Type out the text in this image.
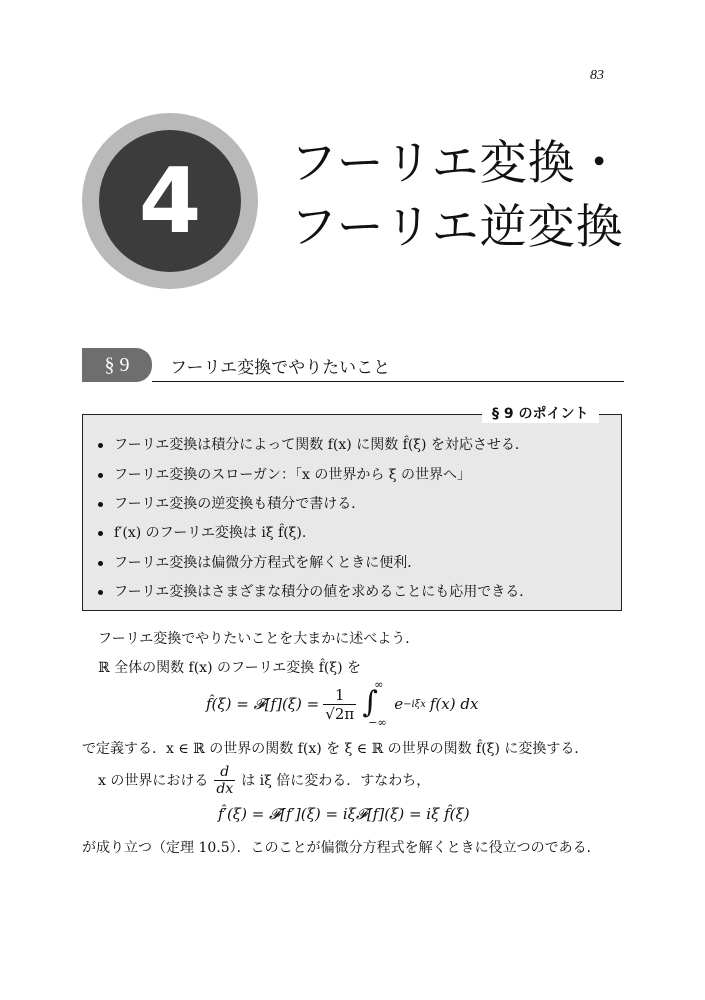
83
4	フーリエ変換・
フーリエ逆変換
§ 9	フーリエ変換でやりたいこと
§ 9 のポイント
フーリエ変換は積分によって関数 f(x) に関数 f̂(ξ) を対応させる．
フーリエ変換のスローガン：「x の世界から ξ の世界へ」
フーリエ変換の逆変換も積分で書ける．
f′(x) のフーリエ変換は iξ f̂(ξ).
フーリエ変換は偏微分方程式を解くときに便利．
フーリエ変換はさまざまな積分の値を求めることにも応用できる．
フーリエ変換でやりたいことを大まかに述べよう．
ℝ 全体の関数 f(x) のフーリエ変換 f̂(ξ) を
f̂(ξ) = 𝓕[f](ξ) = $\frac{1}{√2\pi}$ ∫
∞
−∞
e −iξx f(x) dx
で定義する．x ∈ ℝ の世界の関数 f(x) を ξ ∈ ℝ の世界の関数 f̂(ξ) に変換する．
x の世界における $\frac{d}{dx}$ は iξ 倍に変わる．すなわち，
f̂′(ξ) = 𝓕[f′](ξ) = iξ𝓕[f](ξ) = iξ f̂(ξ)
が成り立つ（定理 10.5）．このことが偏微分方程式を解くときに役立つのである．
